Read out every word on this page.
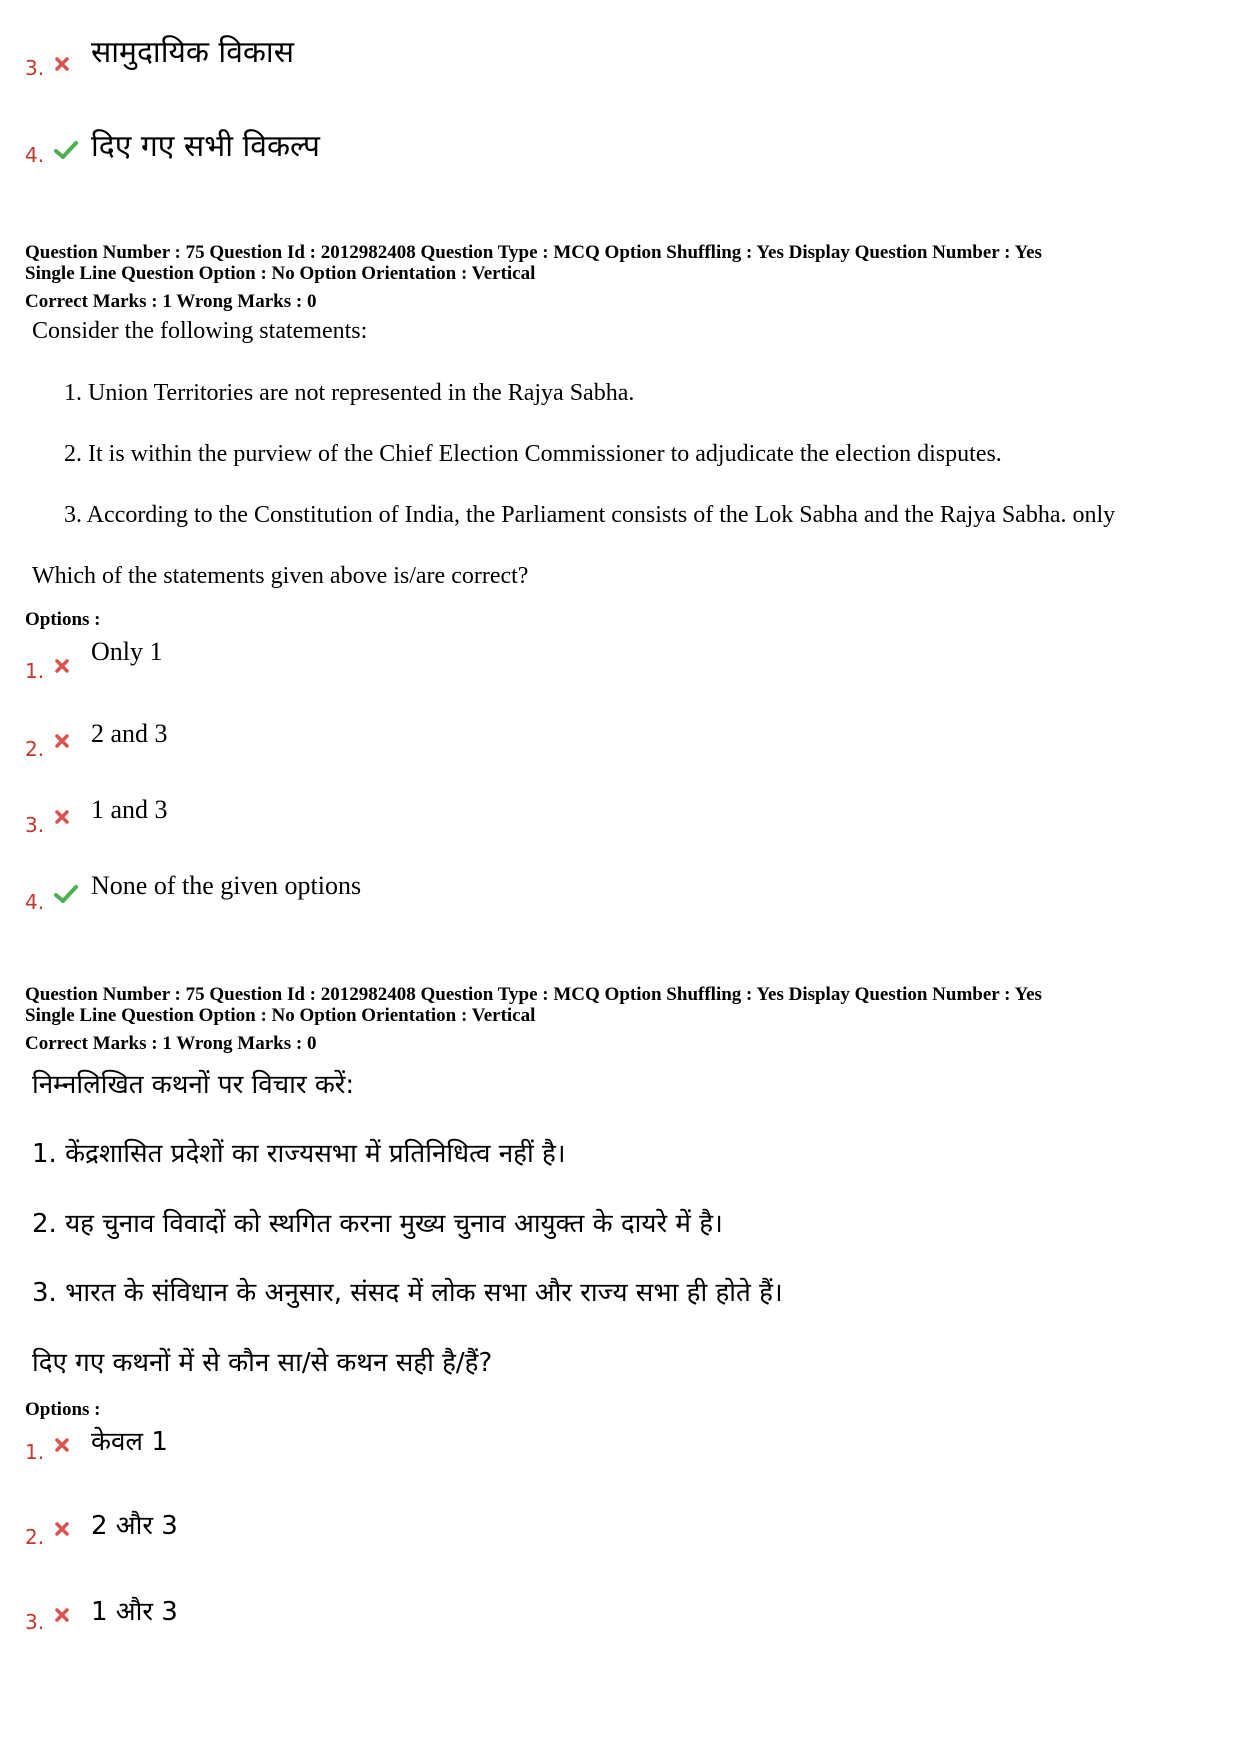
3. सामुदायिक विकास
4. दिए गए सभी विकल्प
Question Number : 75 Question Id : 2012982408 Question Type : MCQ Option Shuffling : Yes Display Question Number : Yes
Single Line Question Option : No Option Orientation : Vertical
Correct Marks : 1 Wrong Marks : 0
Consider the following statements:
1. Union Territories are not represented in the Rajya Sabha.
2. It is within the purview of the Chief Election Commissioner to adjudicate the election disputes.
3. According to the Constitution of India, the Parliament consists of the Lok Sabha and the Rajya Sabha. only
Which of the statements given above is/are correct?
Options :
1.
Only 1
2.
2 and 3
3.
1 and 3
4.
None of the given options
Question Number : 75 Question Id : 2012982408 Question Type : MCQ Option Shuffling : Yes Display Question Number : Yes
Single Line Question Option : No Option Orientation : Vertical
Correct Marks : 1 Wrong Marks : 0
निम्नलिखित कथनों पर विचार करें:
1. केंद्रशासित प्रदेशों का राज्यसभा में प्रतिनिधित्व नहीं है।
2. यह चुनाव विवादों को स्थगित करना मुख्य चुनाव आयुक्त के दायरे में है।
3. भारत के संविधान के अनुसार, संसद में लोक सभा और राज्य सभा ही होते हैं।
दिए गए कथनों में से कौन सा/से कथन सही है/हैं?
Options :
1. केवल 1
2. 2 और 3
3. 1 और 3
